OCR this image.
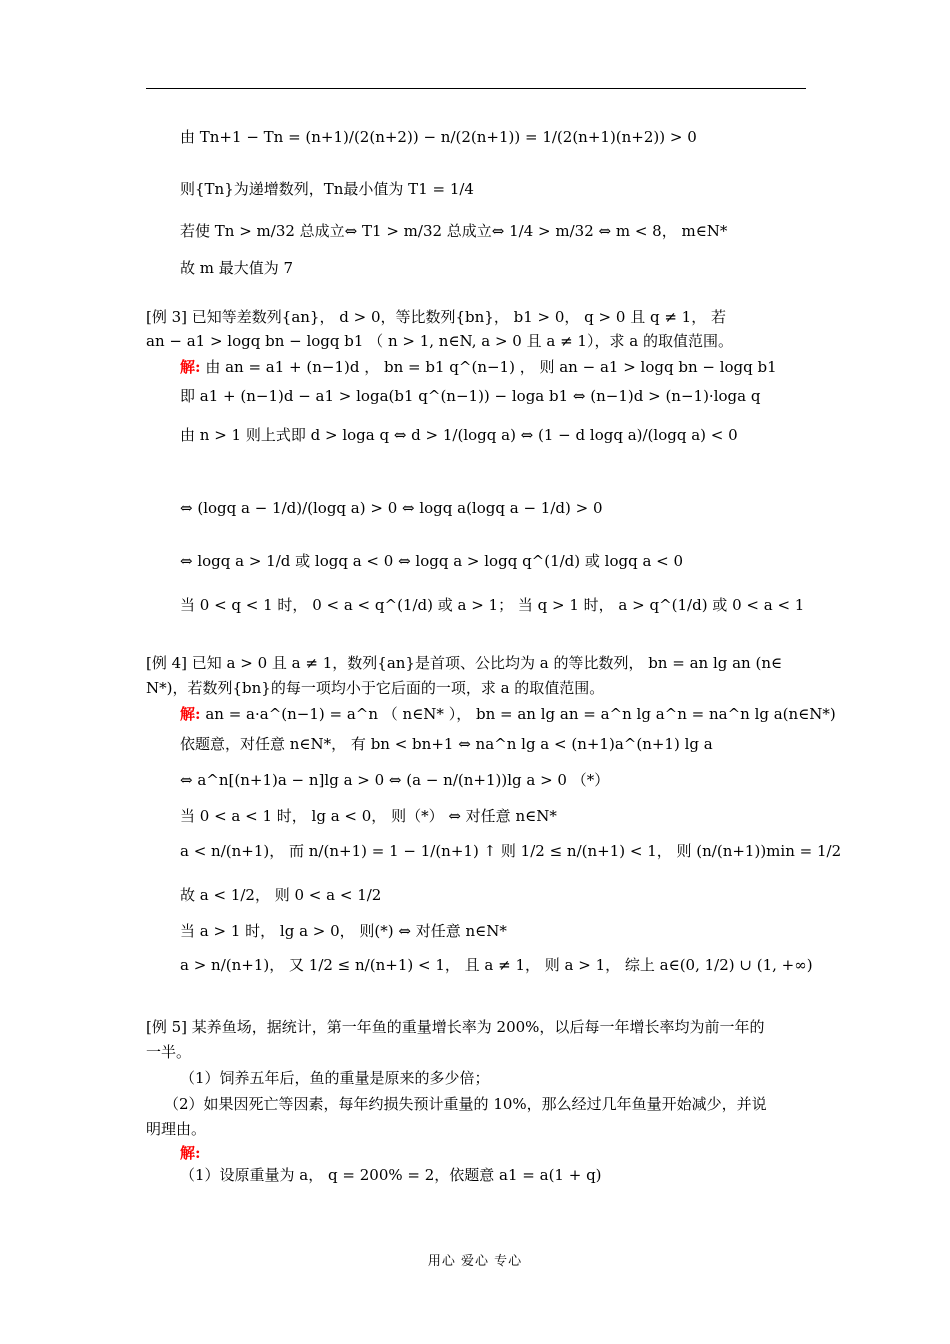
由 Tn+1 − Tn = (n+1)/(2(n+2)) − n/(2(n+1)) = 1/(2(n+1)(n+2)) > 0
则{Tn}为递增数列，Tn最小值为 T1 = 1/4
若使 Tn > m/32 总成立⇔ T1 > m/32 总成立⇔ 1/4 > m/32 ⇔ m < 8， m∈N*
故 m 最大值为 7
[例 3] 已知等差数列{an}， d > 0，等比数列{bn}， b1 > 0， q > 0 且 q ≠ 1， 若
an − a1 > logq bn − logq b1 （ n > 1, n∈N, a > 0 且 a ≠ 1），求 a 的取值范围。
解: 由 an = a1 + (n−1)d ， bn = b1 q^(n−1) ， 则 an − a1 > logq bn − logq b1
即 a1 + (n−1)d − a1 > loga(b1 q^(n−1)) − loga b1 ⇔ (n−1)d > (n−1)·loga q
由 n > 1 则上式即 d > loga q ⇔ d > 1/(logq a) ⇔ (1 − d logq a)/(logq a) < 0
⇔ (logq a − 1/d)/(logq a) > 0 ⇔ logq a(logq a − 1/d) > 0
⇔ logq a > 1/d 或 logq a < 0 ⇔ logq a > logq q^(1/d) 或 logq a < 0
当 0 < q < 1 时， 0 < a < q^(1/d) 或 a > 1； 当 q > 1 时， a > q^(1/d) 或 0 < a < 1
[例 4] 已知 a > 0 且 a ≠ 1，数列{an}是首项、公比均为 a 的等比数列， bn = an lg an (n∈
N*)，若数列{bn}的每一项均小于它后面的一项，求 a 的取值范围。
解: an = a·a^(n−1) = a^n （ n∈N* ）， bn = an lg an = a^n lg a^n = na^n lg a(n∈N*)
依题意，对任意 n∈N*， 有 bn < bn+1 ⇔ na^n lg a < (n+1)a^(n+1) lg a
⇔ a^n[(n+1)a − n]lg a > 0 ⇔ (a − n/(n+1))lg a > 0 （*）
当 0 < a < 1 时， lg a < 0， 则（*） ⇔ 对任意 n∈N*
a < n/(n+1)， 而 n/(n+1) = 1 − 1/(n+1) ↑ 则 1/2 ≤ n/(n+1) < 1， 则 (n/(n+1))min = 1/2
故 a < 1/2， 则 0 < a < 1/2
当 a > 1 时， lg a > 0， 则(*) ⇔ 对任意 n∈N*
a > n/(n+1)， 又 1/2 ≤ n/(n+1) < 1， 且 a ≠ 1， 则 a > 1， 综上 a∈(0, 1/2) ∪ (1, +∞)
[例 5] 某养鱼场，据统计，第一年鱼的重量增长率为 200%，以后每一年增长率均为前一年的
一半。
（1）饲养五年后，鱼的重量是原来的多少倍；
（2）如果因死亡等因素，每年约损失预计重量的 10%，那么经过几年鱼量开始减少，并说
明理由。
解:
（1）设原重量为 a， q = 200% = 2，依题意 a1 = a(1 + q)
用心 爱心 专心
